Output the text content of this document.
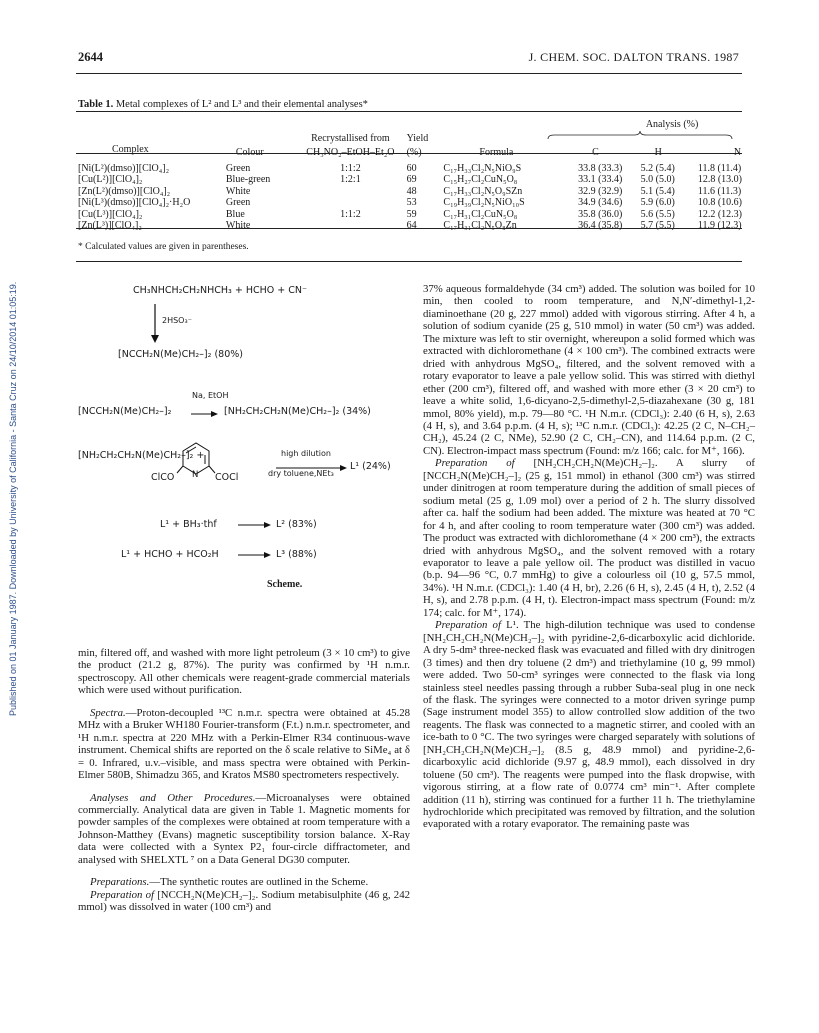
2644	J. CHEM. SOC. DALTON TRANS. 1987
Published on 01 January 1987. Downloaded by University of California - Santa Cruz on 24/10/2014 01:05:19.
Table 1. Metal complexes of L² and L³ and their elemental analyses*
					Analysis (%)		
		Recrystallised from	Yield				
Complex	Colour	CH₃NO₂–EtOH–Et₂O	(%)	Formula	C	H	N
[Ni(L²)(dmso)][ClO₄]₂	Green	1:1:2	60	C₁₇H₃₃Cl₂N₅NiO₉S	33.8 (33.3)	5.2 (5.4)	11.8 (11.4)
[Cu(L²)][ClO₄]₂	Blue-green	1:2:1	69	C₁₅H₂₇Cl₂CuN₅O₈	33.1 (33.4)	5.0 (5.0)	12.8 (13.0)
[Zn(L²)(dmso)][ClO₄]₂	White		48	C₁₇H₃₃Cl₂N₅O₉SZn	32.9 (32.9)	5.1 (5.4)	11.6 (11.3)
[Ni(L³)(dmso)][ClO₄]₂·H₂O	Green		53	C₁₉H₃₉Cl₂N₅NiO₁₀S	34.9 (34.6)	5.9 (6.0)	10.8 (10.6)
[Cu(L³)][ClO₄]₂	Blue	1:1:2	59	C₁₇H₃₁Cl₂CuN₅O₈	35.8 (36.0)	5.6 (5.5)	12.2 (12.3)
[Zn(L³)][ClO₄]₂	White		64	C₁₇H₃₁Cl₂N₅O₈Zn	36.4 (35.8)	5.7 (5.5)	11.9 (12.3)
* Calculated values are given in parentheses.
CH₃NHCH₂CH₂NHCH₃ + HCHO + CN⁻
2HSO₃⁻
[NCCH₂N(Me)CH₂–]₂ (80%)
Na, EtOH
[NCCH₂N(Me)CH₂–]₂	[NH₂CH₂CH₂N(Me)CH₂–]₂ (34%)
[NH₂CH₂CH₂N(Me)CH₂–]₂ +	high dilution
dry toluene,NEt₃
L¹ (24%)
ClCO N COCl
L¹ + BH₃·thf	L² (83%)
L¹ + HCHO + HCO₂H	L³ (88%)
Scheme.

min, filtered off, and washed with more light petroleum (3 × 10 cm³) to give the product (21.2 g, 87%). The purity was confirmed by ¹H n.m.r. spectroscopy. All other chemicals were reagent-grade commercial materials which were used without purification.

Spectra.—Proton-decoupled ¹³C n.m.r. spectra were obtained at 45.28 MHz with a Bruker WH180 Fourier-transform (F.t.) n.m.r. spectrometer, and ¹H n.m.r. spectra at 220 MHz with a Perkin-Elmer R34 continuous-wave instrument. Chemical shifts are reported on the δ scale relative to SiMe₄ at δ = 0. Infrared, u.v.–visible, and mass spectra were obtained with Perkin-Elmer 580B, Shimadzu 365, and Kratos MS80 spectrometers respectively.

Analyses and Other Procedures.—Microanalyses were obtained commercially. Analytical data are given in Table 1. Magnetic moments for powder samples of the complexes were obtained at room temperature with a Johnson-Matthey (Evans) magnetic susceptibility torsion balance. X-Ray data were collected with a Syntex P2₁ four-circle diffractometer, and analysed with SHELXTL ⁷ on a Data General DG30 computer.

Preparations.—The synthetic routes are outlined in the Scheme.

Preparation of [NCCH₂N(Me)CH₂–]₂. Sodium metabisulphite (46 g, 242 mmol) was dissolved in water (100 cm³) and

37% aqueous formaldehyde (34 cm³) added. The solution was boiled for 10 min, then cooled to room temperature, and N,N′-dimethyl-1,2-diaminoethane (20 g, 227 mmol) added with vigorous stirring. After 4 h, a solution of sodium cyanide (25 g, 510 mmol) in water (50 cm³) was added. The mixture was left to stir overnight, whereupon a solid formed which was extracted with dichloromethane (4 × 100 cm³). The combined extracts were dried with anhydrous MgSO₄, filtered, and the solvent removed with a rotary evaporator to leave a pale yellow solid. This was stirred with diethyl ether (200 cm³), filtered off, and washed with more ether (3 × 20 cm³) to leave a white solid, 1,6-dicyano-2,5-dimethyl-2,5-diazahexane (30 g, 181 mmol, 80% yield), m.p. 79—80 °C. ¹H N.m.r. (CDCl₃): 2.40 (6 H, s), 2.63 (4 H, s), and 3.64 p.p.m. (4 H, s); ¹³C n.m.r. (CDCl₃): 42.25 (2 C, N–CH₂–CH₂), 45.24 (2 C, NMe), 52.90 (2 C, CH₂–CN), and 114.64 p.p.m. (2 C, CN). Electron-impact mass spectrum (Found: m/z 166; calc. for M⁺, 166).

Preparation of [NH₂CH₂CH₂N(Me)CH₂–]₂. A slurry of [NCCH₂N(Me)CH₂–]₂ (25 g, 151 mmol) in ethanol (300 cm³) was stirred under dinitrogen at room temperature during the addition of small pieces of sodium metal (25 g, 1.09 mol) over a period of 2 h. The slurry dissolved after ca. half the sodium had been added. The mixture was heated at 70 °C for 4 h, and after cooling to room temperature water (300 cm³) was added. The product was extracted with dichloromethane (4 × 200 cm³), the extracts dried with anhydrous MgSO₄, and the solvent removed with a rotary evaporator to leave a pale yellow oil. The product was distilled in vacuo (b.p. 94—96 °C, 0.7 mmHg) to give a colourless oil (10 g, 57.5 mmol, 34%). ¹H N.m.r. (CDCl₃): 1.40 (4 H, br), 2.26 (6 H, s), 2.45 (4 H, t), 2.52 (4 H, s), and 2.78 p.p.m. (4 H, t). Electron-impact mass spectrum (Found: m/z 174; calc. for M⁺, 174).

Preparation of L¹. The high-dilution technique was used to condense [NH₂CH₂CH₂N(Me)CH₂–]₂ with pyridine-2,6-dicarboxylic acid dichloride. A dry 5-dm³ three-necked flask was evacuated and filled with dry dinitrogen (3 times) and then dry toluene (2 dm³) and triethylamine (10 g, 99 mmol) were added. Two 50-cm³ syringes were connected to the flask via long stainless steel needles passing through a rubber Suba-seal plug in one neck of the flask. The syringes were connected to a motor driven syringe pump (Sage instrument model 355) to allow controlled slow addition of the two reagents. The flask was connected to a magnetic stirrer, and cooled with an ice-bath to 0 °C. The two syringes were charged separately with solutions of [NH₂CH₂CH₂N(Me)CH₂–]₂ (8.5 g, 48.9 mmol) and pyridine-2,6-dicarboxylic acid dichloride (9.97 g, 48.9 mmol), each dissolved in dry toluene (50 cm³). The reagents were pumped into the flask dropwise, with vigorous stirring, at a flow rate of 0.0774 cm³ min⁻¹. After complete addition (11 h), stirring was continued for a further 11 h. The triethylamine hydrochloride which precipitated was removed by filtration, and the solution evaporated with a rotary evaporator. The remaining paste was
